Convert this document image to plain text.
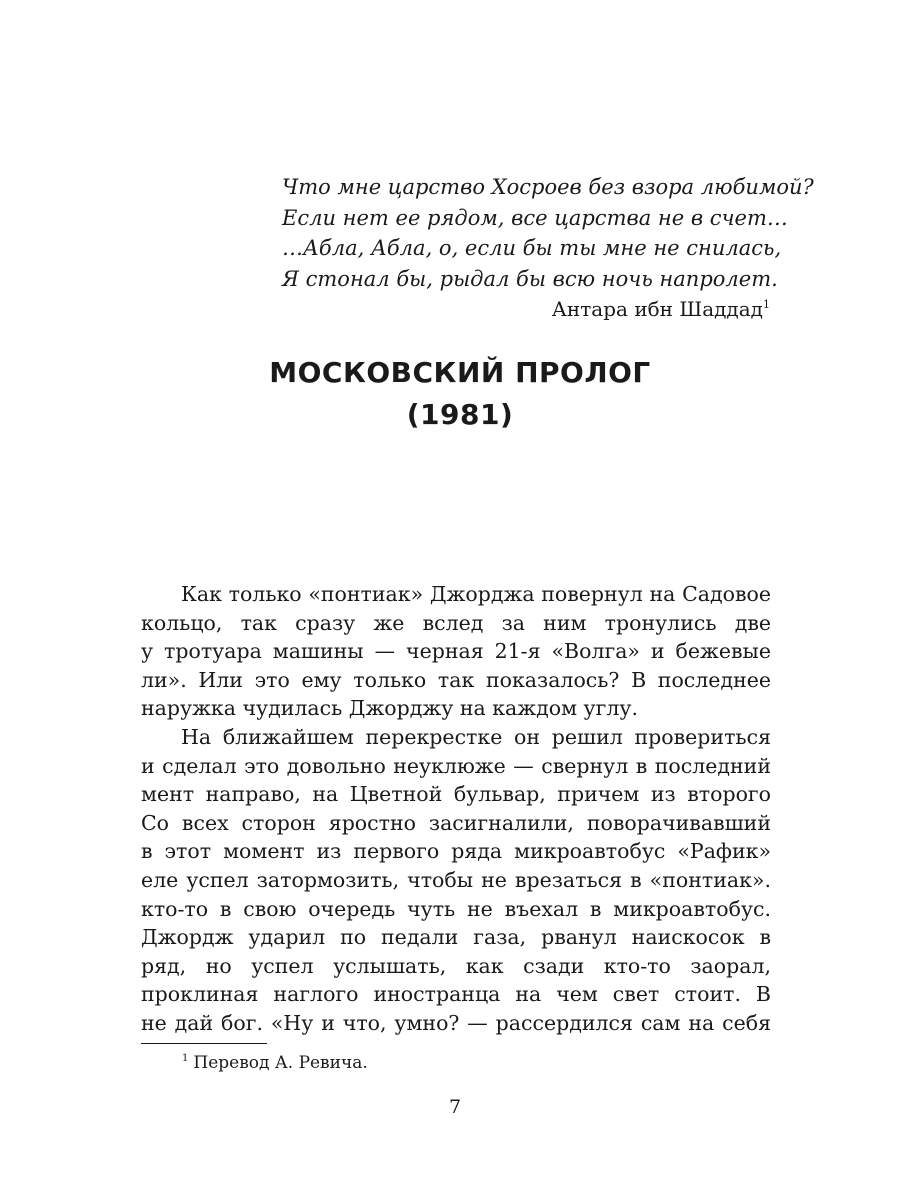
Что мне царство Хосроев без взора любимой?
Если нет ее рядом, все царства не в счет…
…Абла, Абла, о, если бы ты мне не снилась,
Я стонал бы, рыдал бы всю ночь напролет.
Антара ибн Шаддад$^1$
МОСКОВСКИЙ ПРОЛОГ
(1981)
Как только «понтиак» Джорджа повернул на Садовое
кольцо, так сразу же вслед за ним тронулись две
у тротуара машины — черная 21-я «Волга» и бежевые
ли». Или это ему только так показалось? В последнее
наружка чудилась Джорджу на каждом углу.
На ближайшем перекрестке он решил провериться
и сделал это довольно неуклюже — свернул в последний
мент направо, на Цветной бульвар, причем из второго
Со всех сторон яростно засигналили, поворачивавший
в этот момент из первого ряда микроавтобус «Рафик»
еле успел затормозить, чтобы не врезаться в «понтиак».
кто-то в свою очередь чуть не въехал в микроавтобус.
Джордж ударил по педали газа, рванул наискосок в
ряд, но успел услышать, как сзади кто-то заорал,
проклиная наглого иностранца на чем свет стоит. В
не дай бог. «Ну и что, умно? — рассердился сам на себя
$^1$ Перевод А. Ревича.
7
